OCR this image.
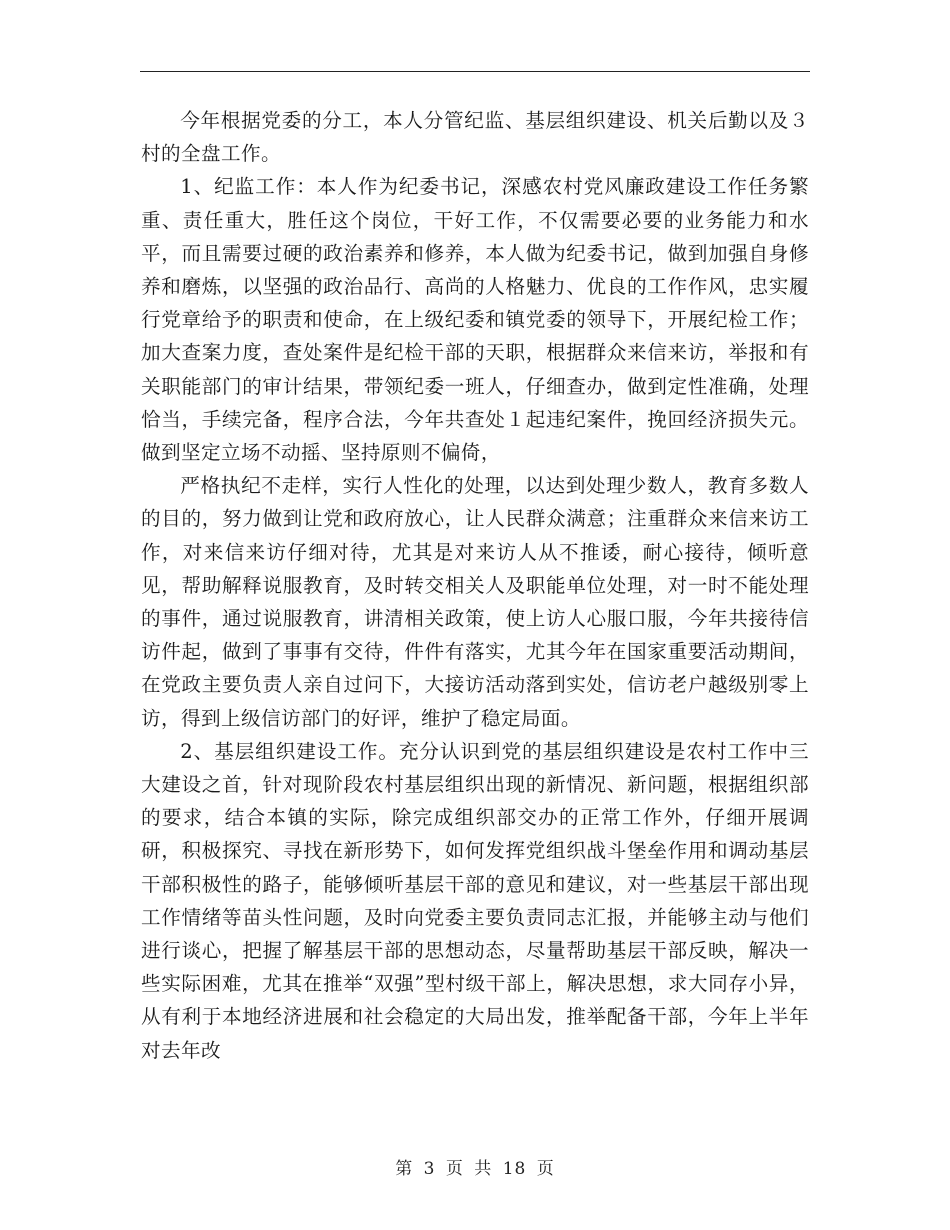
今年根据党委的分工，本人分管纪监、基层组织建设、机关后勤以及３村的全盘工作。

1、纪监工作：本人作为纪委书记，深感农村党风廉政建设工作任务繁重、责任重大，胜任这个岗位，干好工作，不仅需要必要的业务能力和水平，而且需要过硬的政治素养和修养，本人做为纪委书记，做到加强自身修养和磨炼，以坚强的政治品行、高尚的人格魅力、优良的工作作风，忠实履行党章给予的职责和使命，在上级纪委和镇党委的领导下，开展纪检工作；加大查案力度，查处案件是纪检干部的天职，根据群众来信来访，举报和有关职能部门的审计结果，带领纪委一班人，仔细查办，做到定性准确，处理恰当，手续完备，程序合法，今年共查处１起违纪案件，挽回经济损失元。做到坚定立场不动摇、坚持原则不偏倚，

严格执纪不走样，实行人性化的处理，以达到处理少数人，教育多数人的目的，努力做到让党和政府放心，让人民群众满意；注重群众来信来访工作，对来信来访仔细对待，尤其是对来访人从不推诿，耐心接待，倾听意见，帮助解释说服教育，及时转交相关人及职能单位处理，对一时不能处理的事件，通过说服教育，讲清相关政策，使上访人心服口服，今年共接待信访件起，做到了事事有交待，件件有落实，尤其今年在国家重要活动期间，在党政主要负责人亲自过问下，大接访活动落到实处，信访老户越级别零上访，得到上级信访部门的好评，维护了稳定局面。

2、基层组织建设工作。充分认识到党的基层组织建设是农村工作中三大建设之首，针对现阶段农村基层组织出现的新情况、新问题，根据组织部的要求，结合本镇的实际，除完成组织部交办的正常工作外，仔细开展调研，积极探究、寻找在新形势下，如何发挥党组织战斗堡垒作用和调动基层干部积极性的路子，能够倾听基层干部的意见和建议，对一些基层干部出现工作情绪等苗头性问题，及时向党委主要负责同志汇报，并能够主动与他们进行谈心，把握了解基层干部的思想动态，尽量帮助基层干部反映，解决一些实际困难，尤其在推举“双强”型村级干部上，解决思想，求大同存小异，从有利于本地经济进展和社会稳定的大局出发，推举配备干部，今年上半年对去年改

第 3 页 共 18 页
